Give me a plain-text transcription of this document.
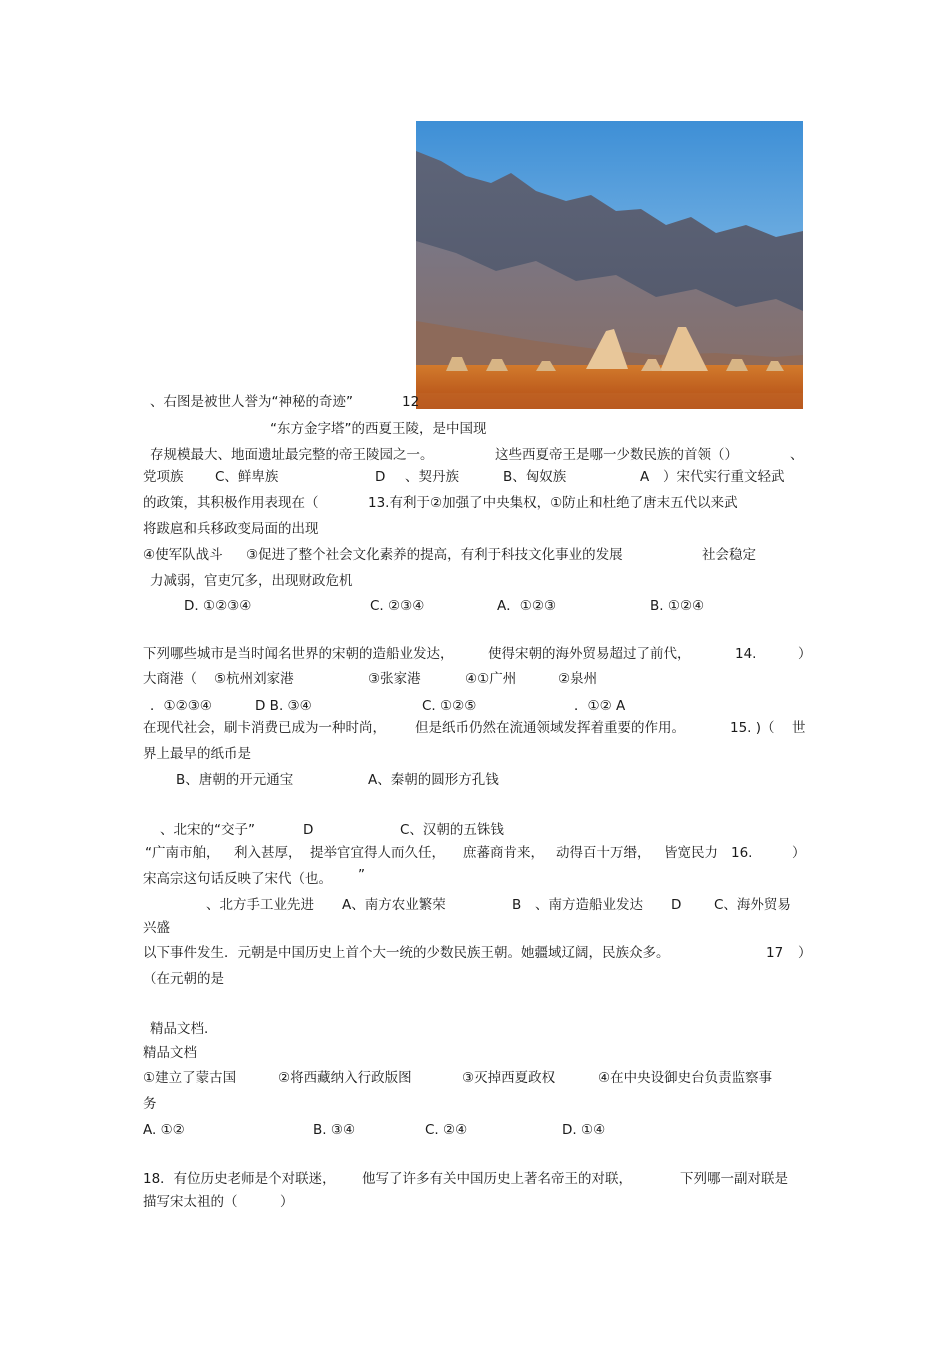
、右图是被世人誉为“神秘的奇迹”	12
“东方金字塔”的西夏王陵，是中国现
存规模最大、地面遗址最完整的帝王陵园之一。	这些西夏帝王是哪一少数民族的首领（）	、
党项族 C、鲜卑族	D 、契丹族	B、匈奴族	A ）宋代实行重文轻武
的政策，其积极作用表现在（	13.有利于②加强了中央集权，①防止和杜绝了唐末五代以来武
将跋扈和兵移政变局面的出现
④使军队战斗 ③促进了整个社会文化素养的提高，有利于科技文化事业的发展	社会稳定
力减弱，官吏冗多，出现财政危机
D. ①②③④	C. ②③④	A．①②③	B. ①②④
下列哪些城市是当时闻名世界的宋朝的造船业发达，	使得宋朝的海外贸易超过了前代，	14.	）
大商港（ ⑤杭州刘家港	③张家港	④①广州	②泉州
．①②③④	D B. ③④	C. ①②⑤	．①② A
在现代社会，刷卡消费已成为一种时尚， 但是纸币仍然在流通领域发挥着重要的作用。	15. )（ 世
界上最早的纸币是
B、唐朝的开元通宝	A、秦朝的圆形方孔钱
、北宋的“交子”	D	C、汉朝的五铢钱
“广南市舶， 利入甚厚， 提举官宜得人而久任， 庶蕃商肯来， 动得百十万缗， 皆宽民力 16.	）
宋高宗这句话反映了宋代（也。 ”
、北方手工业先进 A、南方农业繁荣	B 、南方造船业发达 D C、海外贸易
兴盛
以下事件发生．元朝是中国历史上首个大一统的少数民族王朝。她疆域辽阔，民族众多。	17 ）
（在元朝的是
精品文档.
精品文档
①建立了蒙古国	②将西藏纳入行政版图	③灭掉西夏政权	④在中央设御史台负责监察事
务
A. ①②	B. ③④	C. ②④	D. ①④
18．有位历史老师是个对联迷， 他写了许多有关中国历史上著名帝王的对联，	下列哪一副对联是
描写宋太祖的（	）
